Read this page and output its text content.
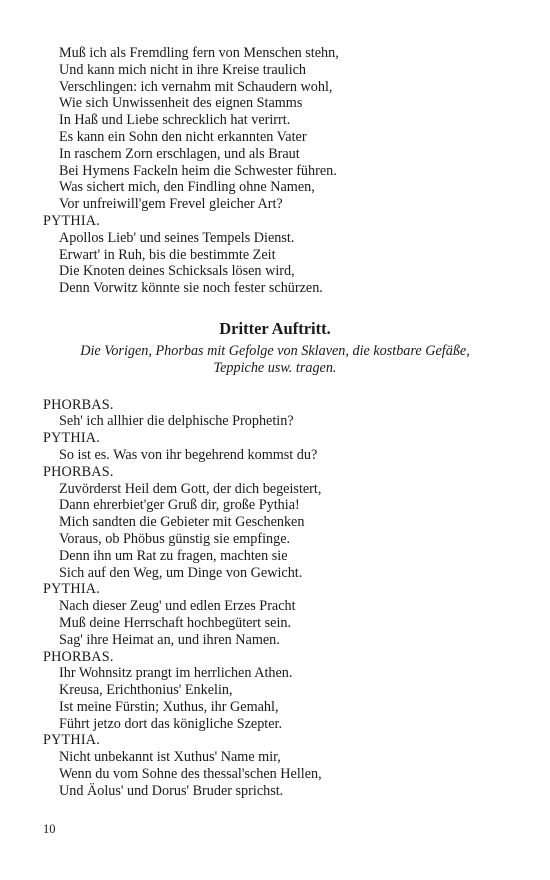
Muß ich als Fremdling fern von Menschen stehn,
Und kann mich nicht in ihre Kreise traulich
Verschlingen: ich vernahm mit Schaudern wohl,
Wie sich Unwissenheit des eignen Stamms
In Haß und Liebe schrecklich hat verirrt.
Es kann ein Sohn den nicht erkannten Vater
In raschem Zorn erschlagen, und als Braut
Bei Hymens Fackeln heim die Schwester führen.
Was sichert mich, den Findling ohne Namen,
Vor unfreiwill'gem Frevel gleicher Art?
PYTHIA.
Apollos Lieb' und seines Tempels Dienst.
Erwart' in Ruh, bis die bestimmte Zeit
Die Knoten deines Schicksals lösen wird,
Denn Vorwitz könnte sie noch fester schürzen.
Dritter Auftritt.
Die Vorigen, Phorbas mit Gefolge von Sklaven, die kostbare Gefäße,
Teppiche usw. tragen.
PHORBAS.
Seh' ich allhier die delphische Prophetin?
PYTHIA.
So ist es. Was von ihr begehrend kommst du?
PHORBAS.
Zuvörderst Heil dem Gott, der dich begeistert,
Dann ehrerbiet'ger Gruß dir, große Pythia!
Mich sandten die Gebieter mit Geschenken
Voraus, ob Phöbus günstig sie empfinge.
Denn ihn um Rat zu fragen, machten sie
Sich auf den Weg, um Dinge von Gewicht.
PYTHIA.
Nach dieser Zeug' und edlen Erzes Pracht
Muß deine Herrschaft hochbegütert sein.
Sag' ihre Heimat an, und ihren Namen.
PHORBAS.
Ihr Wohnsitz prangt im herrlichen Athen.
Kreusa, Erichthonius' Enkelin,
Ist meine Fürstin; Xuthus, ihr Gemahl,
Führt jetzo dort das königliche Szepter.
PYTHIA.
Nicht unbekannt ist Xuthus' Name mir,
Wenn du vom Sohne des thessal'schen Hellen,
Und Äolus' und Dorus' Bruder sprichst.
10
